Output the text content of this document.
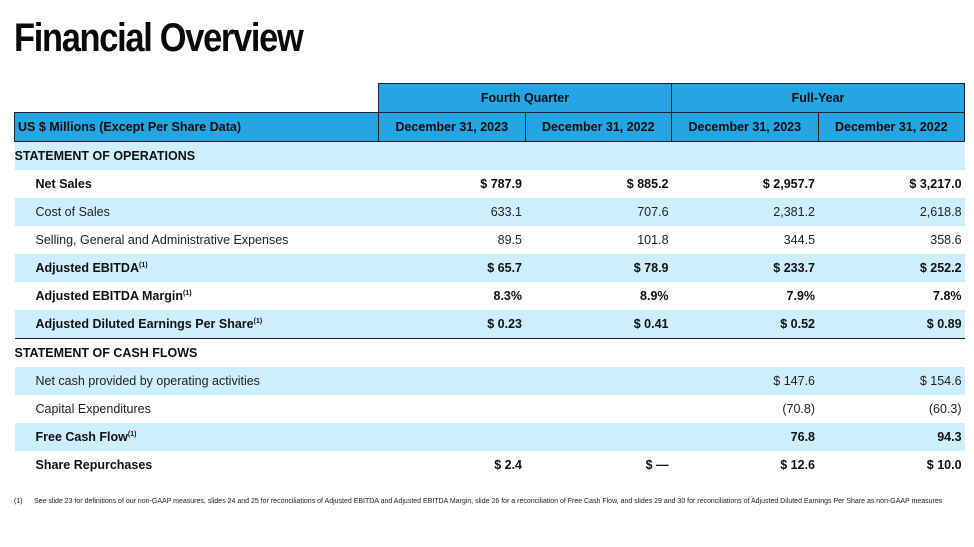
Financial Overview
	Fourth Quarter		Full-Year	
US $ Millions (Except Per Share Data)	December 31, 2023	December 31, 2022	December 31, 2023	December 31, 2022
STATEMENT OF OPERATIONS				
Net Sales	$ 787.9	$ 885.2	$ 2,957.7	$ 3,217.0
Cost of Sales	633.1	707.6	2,381.2	2,618.8
Selling, General and Administrative Expenses	89.5	101.8	344.5	358.6
Adjusted EBITDA$^{(1)}$	$ 65.7	$ 78.9	$ 233.7	$ 252.2
Adjusted EBITDA Margin$^{(1)}$	8.3%	8.9%	7.9%	7.8%
Adjusted Diluted Earnings Per Share$^{(1)}$	$ 0.23	$ 0.41	$ 0.52	$ 0.89
STATEMENT OF CASH FLOWS				
Net cash provided by operating activities			$ 147.6	$ 154.6
Capital Expenditures			(70.8)	(60.3)
Free Cash Flow$^{(1)}$			76.8	94.3
Share Repurchases	$ 2.4	$ —	$ 12.6	$ 10.0
(1)	See slide 23 for definitions of our non-GAAP measures, slides 24 and 25 for reconciliations of Adjusted EBITDA and Adjusted EBITDA Margin, slide 26 for a reconciliation of Free Cash Flow, and slides 29 and 30 for reconciliations of Adjusted Diluted Earnings Per Share as non-GAAP measures
